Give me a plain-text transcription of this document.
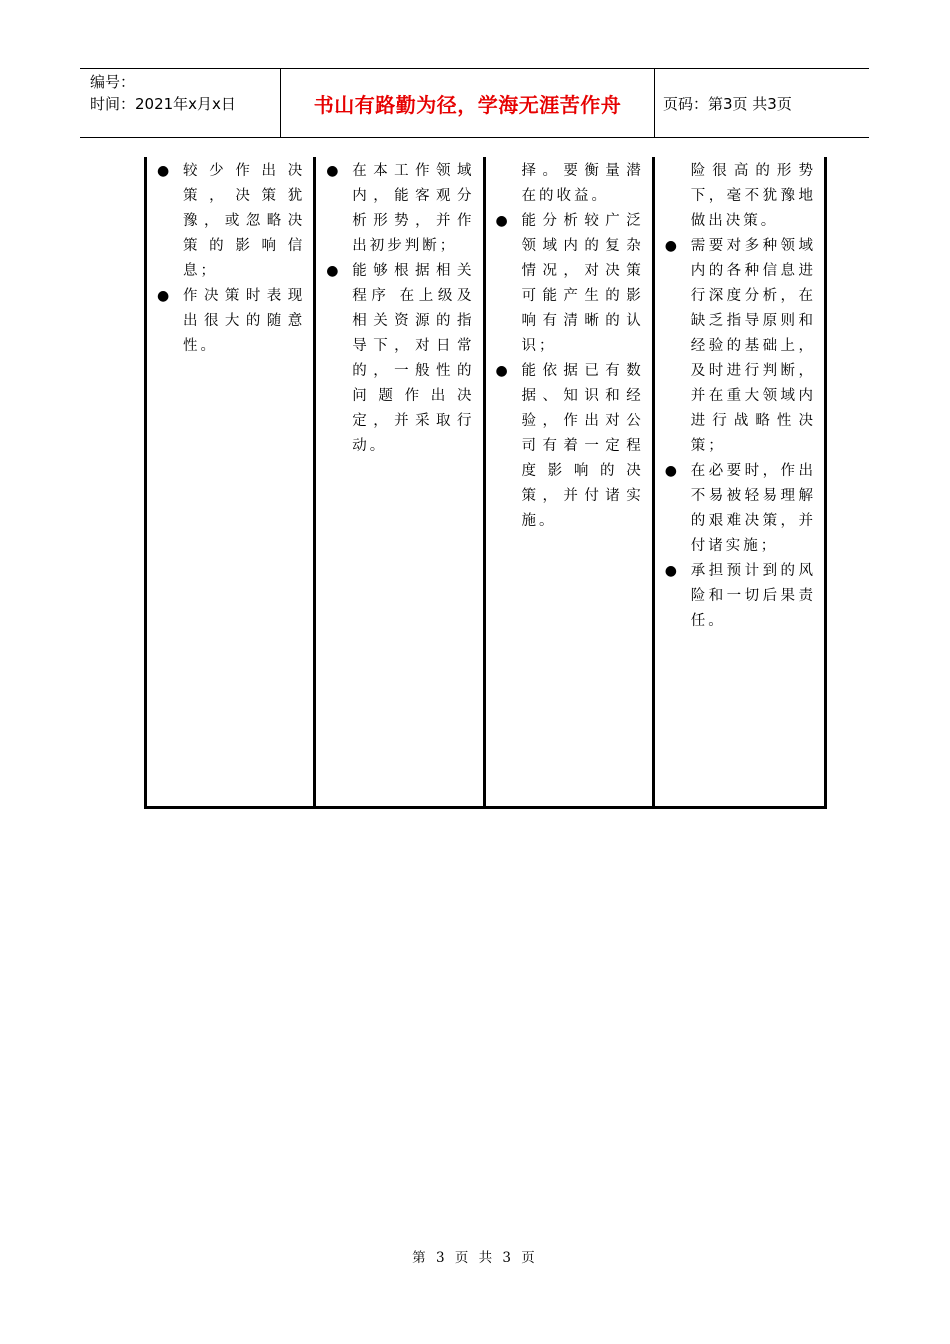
编号：
时间：2021年x月x日	书山有路勤为径，学海无涯苦作舟	页码：第3页 共3页
● 较少作出决策，决策犹豫，或忽略决策的影响信息；
● 作决策时表现出很大的随意性。
● 在本工作领域内，能客观分析形势，并作出初步判断；
● 能够根据相关程序 在上级及相关资源的指导下，对日常的，一般性的问题作出决定，并采取行动。
择。要衡量潜在的收益。
● 能分析较广泛领域内的复杂情况，对决策可能产生的影响有清晰的认识；
● 能依据已有数据、知识和经验，作出对公司有着一定程度影响的决策，并付诸实施。
险很高的形势下，毫不犹豫地做出决策。
● 需要对多种领域内的各种信息进行深度分析，在缺乏指导原则和经验的基础上，及时进行判断，并在重大领域内进行战略性决策；
● 在必要时，作出不易被轻易理解的艰难决策，并付诸实施；
● 承担预计到的风险和一切后果责任。
第 3 页 共 3 页
